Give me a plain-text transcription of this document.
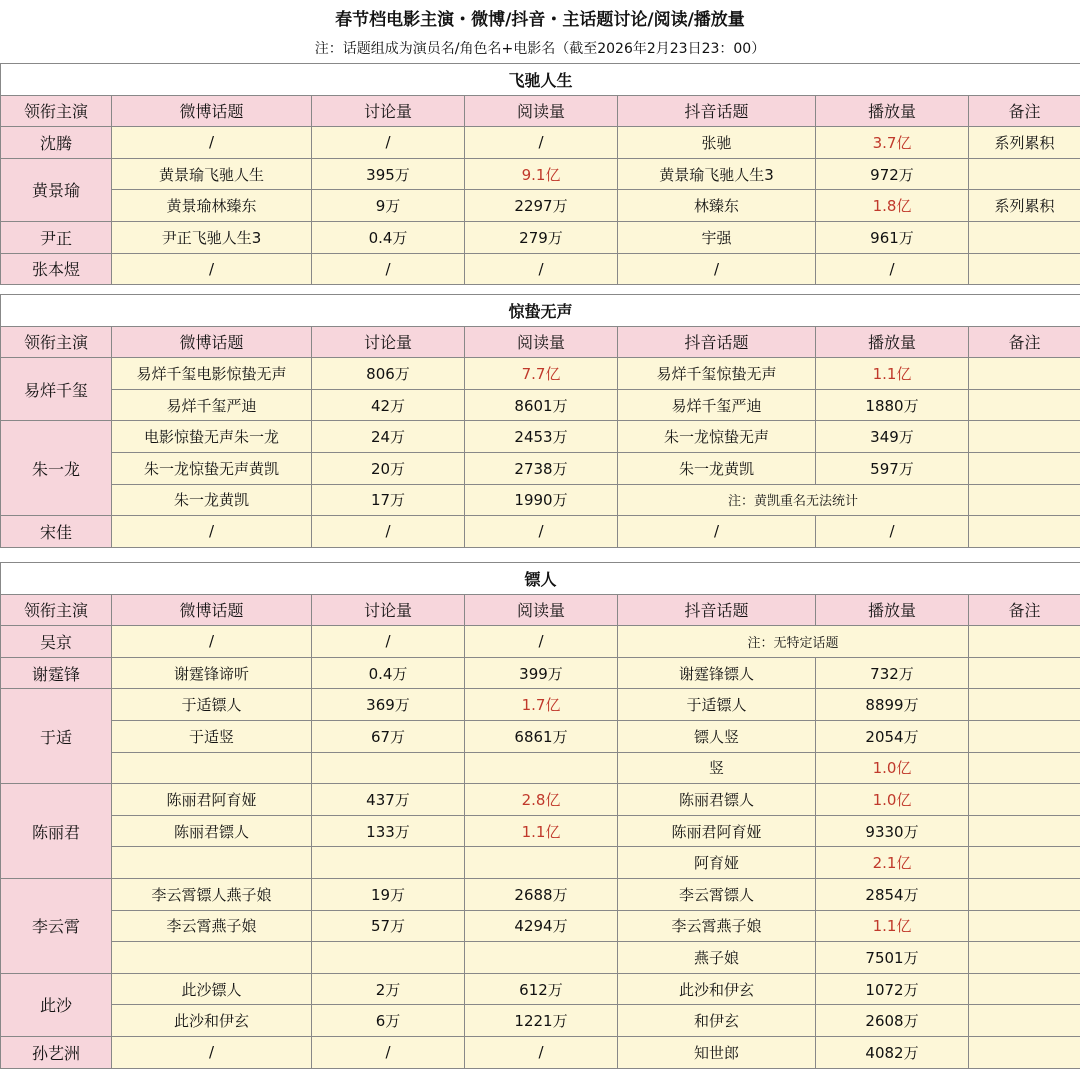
春节档电影主演・微博/抖音・主话题讨论/阅读/播放量
注：话题组成为演员名/角色名+电影名（截至2026年2月23日23：00）
飞驰人生						
领衔主演	微博话题	讨论量	阅读量	抖音话题	播放量	备注
沈腾	/	/	/	张驰	3.7亿	系列累积
黄景瑜	黄景瑜飞驰人生	395万	9.1亿	黄景瑜飞驰人生3	972万	
	黄景瑜林臻东	9万	2297万	林臻东	1.8亿	系列累积
尹正	尹正飞驰人生3	0.4万	279万	宇强	961万	
张本煜	/	/	/	/	/	
惊蛰无声						
领衔主演	微博话题	讨论量	阅读量	抖音话题	播放量	备注
易烊千玺	易烊千玺电影惊蛰无声	806万	7.7亿	易烊千玺惊蛰无声	1.1亿	
	易烊千玺严迪	42万	8601万	易烊千玺严迪	1880万	
朱一龙	电影惊蛰无声朱一龙	24万	2453万	朱一龙惊蛰无声	349万	
	朱一龙惊蛰无声黄凯	20万	2738万	朱一龙黄凯	597万	
	朱一龙黄凯	17万	1990万	注：黄凯重名无法统计		
宋佳	/	/	/	/	/	
镖人						
领衔主演	微博话题	讨论量	阅读量	抖音话题	播放量	备注
吴京	/	/	/	注：无特定话题		
谢霆锋	谢霆锋谛听	0.4万	399万	谢霆锋镖人	732万	
于适	于适镖人	369万	1.7亿	于适镖人	8899万	
	于适竖	67万	6861万	镖人竖	2054万	
				竖	1.0亿	
陈丽君	陈丽君阿育娅	437万	2.8亿	陈丽君镖人	1.0亿	
	陈丽君镖人	133万	1.1亿	陈丽君阿育娅	9330万	
				阿育娅	2.1亿	
李云霄	李云霄镖人燕子娘	19万	2688万	李云霄镖人	2854万	
	李云霄燕子娘	57万	4294万	李云霄燕子娘	1.1亿	
				燕子娘	7501万	
此沙	此沙镖人	2万	612万	此沙和伊玄	1072万	
	此沙和伊玄	6万	1221万	和伊玄	2608万	
孙艺洲	/	/	/	知世郎	4082万	
